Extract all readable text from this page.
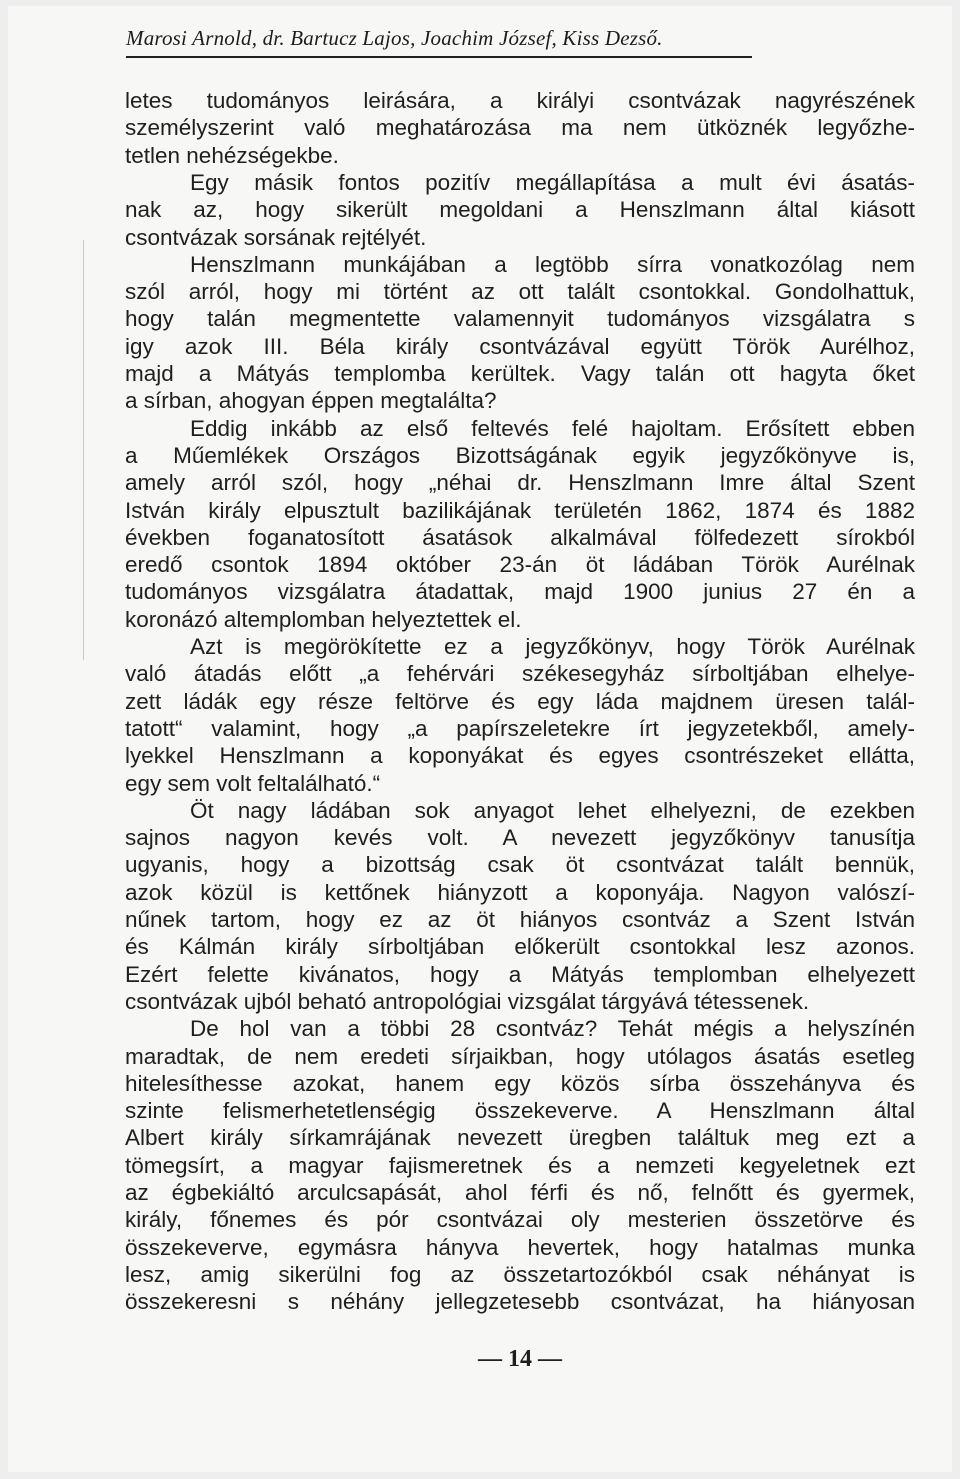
Marosi Arnold, dr. Bartucz Lajos, Joachim József, Kiss Dezső.
letes tudományos leirására, a királyi csontvázak nagyrészének
személyszerint való meghatározása ma nem ütköznék legyőzhe-
tetlen nehézségekbe.
Egy másik fontos pozitív megállapítása a mult évi ásatás-
nak az, hogy sikerült megoldani a Henszlmann által kiásott
csontvázak sorsának rejtélyét.
Henszlmann munkájában a legtöbb sírra vonatkozólag nem
szól arról, hogy mi történt az ott talált csontokkal. Gondolhattuk,
hogy talán megmentette valamennyit tudományos vizsgálatra s
igy azok III. Béla király csontvázával együtt Török Aurélhoz,
majd a Mátyás templomba kerültek. Vagy talán ott hagyta őket
a sírban, ahogyan éppen megtalálta?
Eddig inkább az első feltevés felé hajoltam. Erősített ebben
a Műemlékek Országos Bizottságának egyik jegyzőkönyve is,
amely arról szól, hogy „néhai dr. Henszlmann Imre által Szent
István király elpusztult bazilikájának területén 1862, 1874 és 1882
években foganatosított ásatások alkalmával fölfedezett sírokból
eredő csontok 1894 október 23-án öt ládában Török Aurélnak
tudományos vizsgálatra átadattak, majd 1900 junius 27 én a
koronázó altemplomban helyeztettek el.
Azt is megörökítette ez a jegyzőkönyv, hogy Török Aurélnak
való átadás előtt „a fehérvári székesegyház sírboltjában elhelye-
zett ládák egy része feltörve és egy láda majdnem üresen talál-
tatott“ valamint, hogy „a papírszeletekre írt jegyzetekből, amely-
lyekkel Henszlmann a koponyákat és egyes csontrészeket ellátta,
egy sem volt feltalálható.“
Öt nagy ládában sok anyagot lehet elhelyezni, de ezekben
sajnos nagyon kevés volt. A nevezett jegyzőkönyv tanusítja
ugyanis, hogy a bizottság csak öt csontvázat talált bennük,
azok közül is kettőnek hiányzott a koponyája. Nagyon valószí-
nűnek tartom, hogy ez az öt hiányos csontváz a Szent István
és Kálmán király sírboltjában előkerült csontokkal lesz azonos.
Ezért felette kivánatos, hogy a Mátyás templomban elhelyezett
csontvázak ujból beható antropológiai vizsgálat tárgyává tétessenek.
De hol van a többi 28 csontváz? Tehát mégis a helyszínén
maradtak, de nem eredeti sírjaikban, hogy utólagos ásatás esetleg
hitelesíthesse azokat, hanem egy közös sírba összehányva és
szinte felismerhetetlenségig összekeverve. A Henszlmann által
Albert király sírkamrájának nevezett üregben találtuk meg ezt a
tömegsírt, a magyar fajismeretnek és a nemzeti kegyeletnek ezt
az égbekiáltó arculcsapását, ahol férfi és nő, felnőtt és gyermek,
király, főnemes és pór csontvázai oly mesterien összetörve és
összekeverve, egymásra hányva hevertek, hogy hatalmas munka
lesz, amig sikerülni fog az összetartozókból csak néhányat is
összekeresni s néhány jellegzetesebb csontvázat, ha hiányosan
— 14 —
